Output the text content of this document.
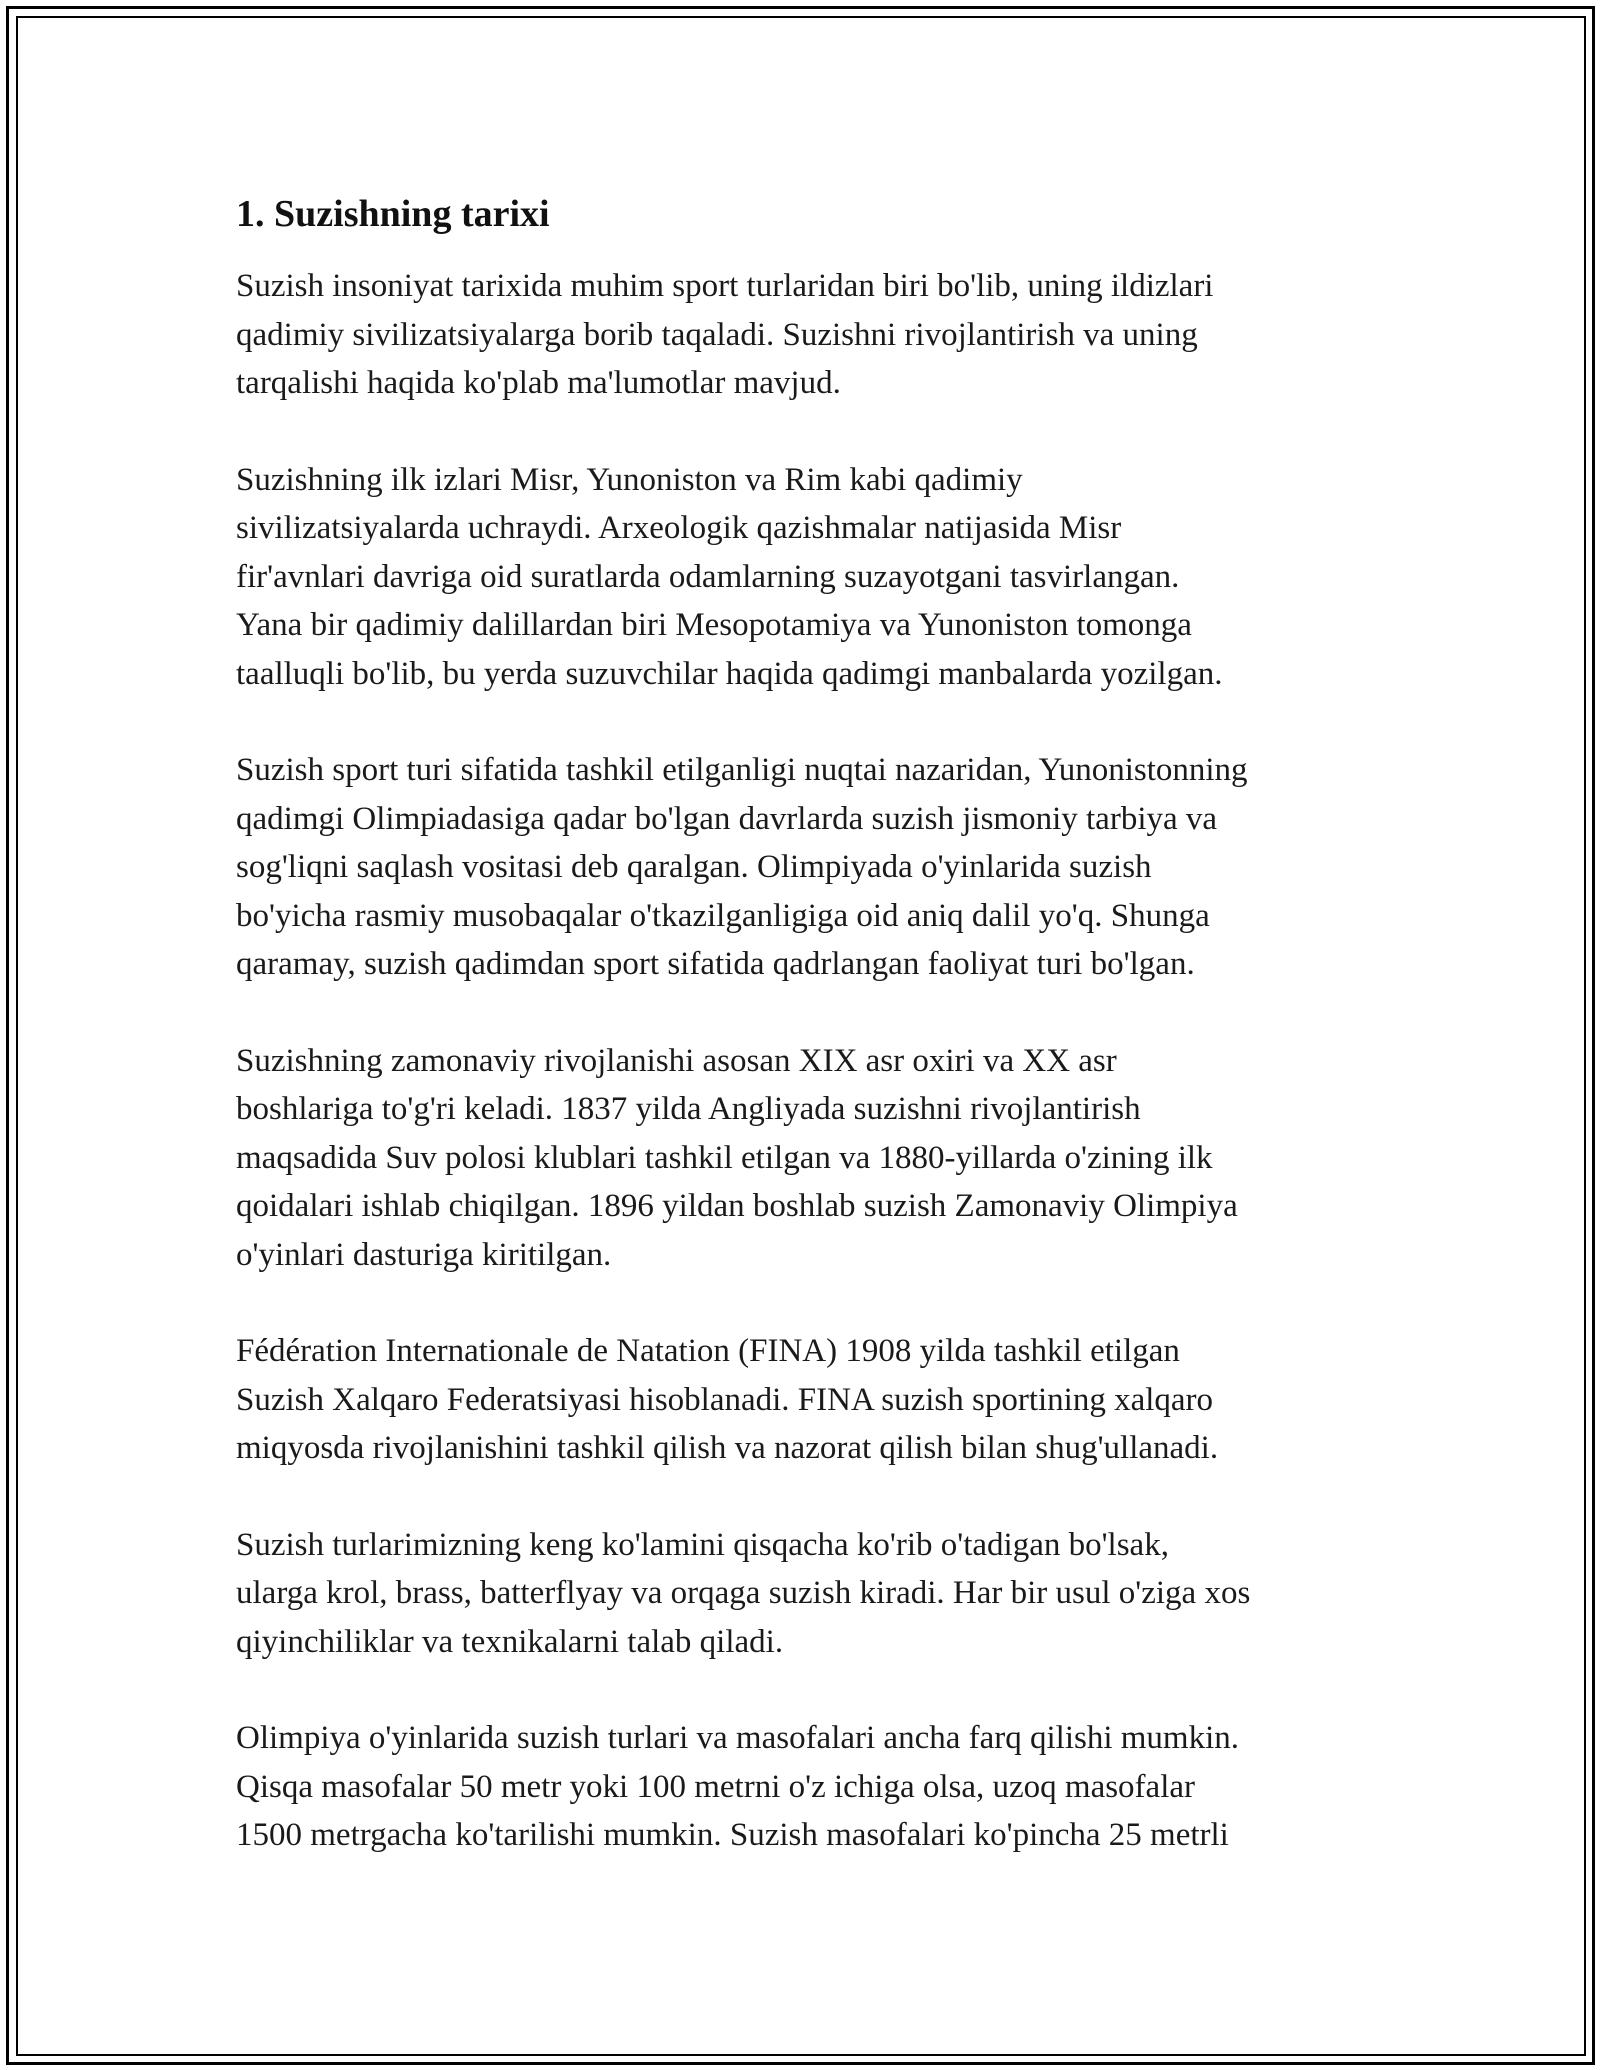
1. Suzishning tarixi

Suzish insoniyat tarixida muhim sport turlaridan biri bo'lib, uning ildizlari
qadimiy sivilizatsiyalarga borib taqaladi. Suzishni rivojlantirish va uning
tarqalishi haqida ko'plab ma'lumotlar mavjud.

Suzishning ilk izlari Misr, Yunoniston va Rim kabi qadimiy
sivilizatsiyalarda uchraydi. Arxeologik qazishmalar natijasida Misr
fir'avnlari davriga oid suratlarda odamlarning suzayotgani tasvirlangan.
Yana bir qadimiy dalillardan biri Mesopotamiya va Yunoniston tomonga
taalluqli bo'lib, bu yerda suzuvchilar haqida qadimgi manbalarda yozilgan.

Suzish sport turi sifatida tashkil etilganligi nuqtai nazaridan, Yunonistonning
qadimgi Olimpiadasiga qadar bo'lgan davrlarda suzish jismoniy tarbiya va
sog'liqni saqlash vositasi deb qaralgan. Olimpiyada o'yinlarida suzish
bo'yicha rasmiy musobaqalar o'tkazilganligiga oid aniq dalil yo'q. Shunga
qaramay, suzish qadimdan sport sifatida qadrlangan faoliyat turi bo'lgan.

Suzishning zamonaviy rivojlanishi asosan XIX asr oxiri va XX asr
boshlariga to'g'ri keladi. 1837 yilda Angliyada suzishni rivojlantirish
maqsadida Suv polosi klublari tashkil etilgan va 1880-yillarda o'zining ilk
qoidalari ishlab chiqilgan. 1896 yildan boshlab suzish Zamonaviy Olimpiya
o'yinlari dasturiga kiritilgan.

Fédération Internationale de Natation (FINA) 1908 yilda tashkil etilgan
Suzish Xalqaro Federatsiyasi hisoblanadi. FINA suzish sportining xalqaro
miqyosda rivojlanishini tashkil qilish va nazorat qilish bilan shug'ullanadi.

Suzish turlarimizning keng ko'lamini qisqacha ko'rib o'tadigan bo'lsak,
ularga krol, brass, batterflyay va orqaga suzish kiradi. Har bir usul o'ziga xos
qiyinchiliklar va texnikalarni talab qiladi.

Olimpiya o'yinlarida suzish turlari va masofalari ancha farq qilishi mumkin.
Qisqa masofalar 50 metr yoki 100 metrni o'z ichiga olsa, uzoq masofalar
1500 metrgacha ko'tarilishi mumkin. Suzish masofalari ko'pincha 25 metrli
